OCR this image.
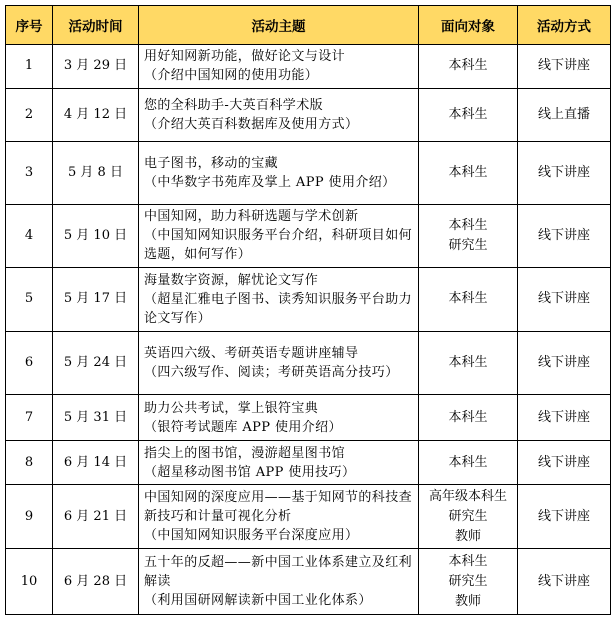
序号	活动时间	活动主题	面向对象	活动方式
1	3 月 29 日	用好知网新功能，做好论文与设计
（介绍中国知网的使用功能）	本科生	线下讲座
2	4 月 12 日	您的全科助手-大英百科学术版
（介绍大英百科数据库及使用方式）	本科生	线上直播
3	5 月 8 日	电子图书，移动的宝藏
（中华数字书苑库及掌上 APP 使用介绍）	本科生	线下讲座
4	5 月 10 日	中国知网，助力科研选题与学术创新
（中国知网知识服务平台介绍，科研项目如何选题，如何写作）	本科生
研究生	线下讲座
5	5 月 17 日	海量数字资源，解忧论文写作
（超星汇雅电子图书、读秀知识服务平台助力论文写作）	本科生	线下讲座
6	5 月 24 日	英语四六级、考研英语专题讲座辅导
（四六级写作、阅读；考研英语高分技巧）	本科生	线下讲座
7	5 月 31 日	助力公共考试，掌上银符宝典
（银符考试题库 APP 使用介绍）	本科生	线下讲座
8	6 月 14 日	指尖上的图书馆，漫游超星图书馆
（超星移动图书馆 APP 使用技巧）	本科生	线下讲座
9	6 月 21 日	中国知网的深度应用——基于知网节的科技查新技巧和计量可视化分析
（中国知网知识服务平台深度应用）	高年级本科生
研究生
教师	线下讲座
10	6 月 28 日	五十年的反超——新中国工业体系建立及红利解读
（利用国研网解读新中国工业化体系）	本科生
研究生
教师	线下讲座
